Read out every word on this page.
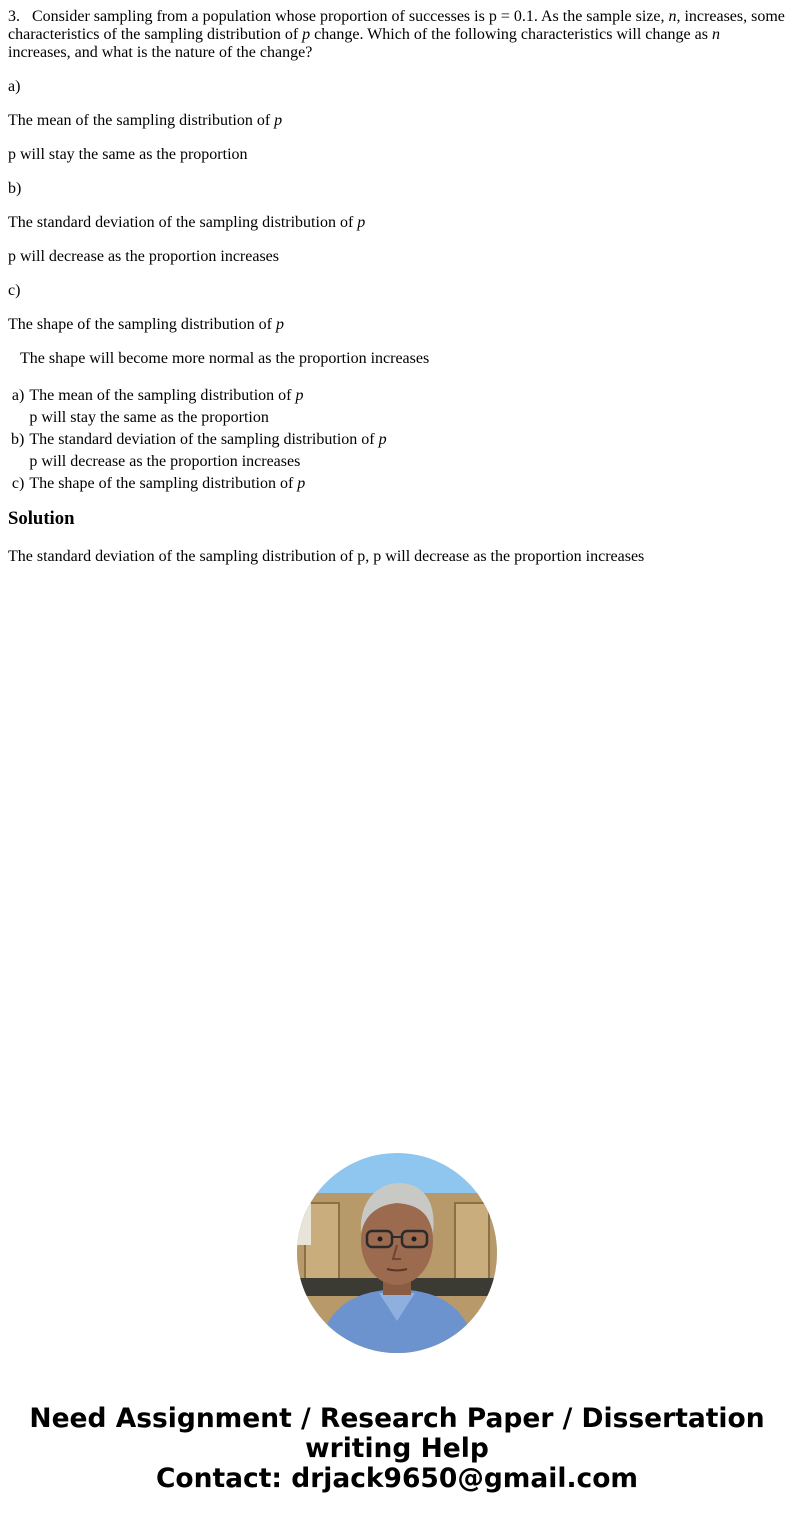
3. Consider sampling from a population whose proportion of successes is p = 0.1. As the sample size, n, increases, some characteristics of the sampling distribution of p change. Which of the following characteristics will change as n increases, and what is the nature of the change?
a)
The mean of the sampling distribution of p
p will stay the same as the proportion
b)
The standard deviation of the sampling distribution of p
p will decrease as the proportion increases
c)
The shape of the sampling distribution of p
The shape will become more normal as the proportion increases
a)	The mean of the sampling distribution of p
	p will stay the same as the proportion
b)	The standard deviation of the sampling distribution of p
	p will decrease as the proportion increases
c)	The shape of the sampling distribution of p
Solution
The standard deviation of the sampling distribution of p, p will decrease as the proportion increases
Need Assignment / Research Paper / Dissertation
writing Help
Contact: drjack9650@gmail.com
